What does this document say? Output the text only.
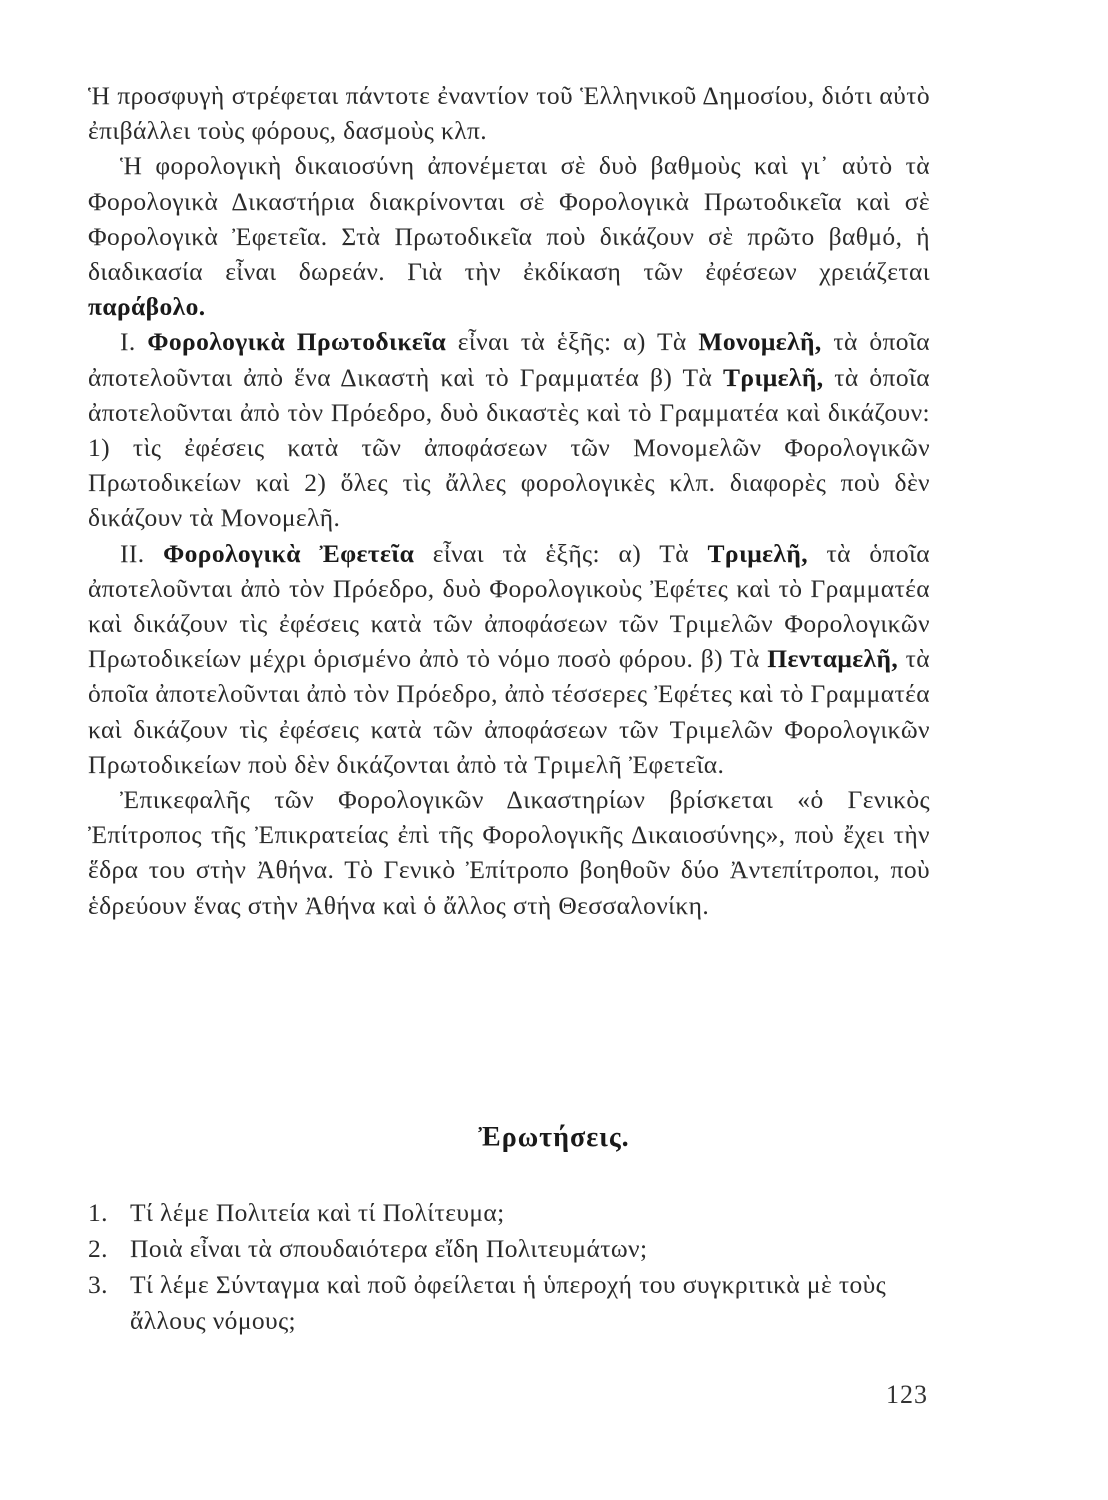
Ἡ προσφυγὴ στρέφεται πάντοτε ἐναντίον τοῦ Ἑλληνικοῦ Δημοσίου, διότι αὐτὸ ἐπιβάλλει τοὺς φόρους, δασμοὺς κλπ.

Ἡ φορολογικὴ δικαιοσύνη ἀπονέμεται σὲ δυὸ βαθμοὺς καὶ γι᾽ αὐτὸ τὰ Φορολογικὰ Δικαστήρια διακρίνονται σὲ Φορολογικὰ Πρωτοδικεῖα καὶ σὲ Φορολογικὰ Ἐφετεῖα. Στὰ Πρωτοδικεῖα ποὺ δικάζουν σὲ πρῶτο βαθμό, ἡ διαδικασία εἶναι δωρεάν. Γιὰ τὴν ἐκδίκαση τῶν ἐφέσεων χρειάζεται παράβολο.

Ι. Φορολογικὰ Πρωτοδικεῖα εἶναι τὰ ἑξῆς: α) Τὰ Μονομελῆ, τὰ ὁποῖα ἀποτελοῦνται ἀπὸ ἕνα Δικαστὴ καὶ τὸ Γραμματέα β) Τὰ Τριμελῆ, τὰ ὁποῖα ἀποτελοῦνται ἀπὸ τὸν Πρόεδρο, δυὸ δικαστὲς καὶ τὸ Γραμματέα καὶ δικάζουν: 1) τὶς ἐφέσεις κατὰ τῶν ἀποφάσεων τῶν Μονομελῶν Φορολογικῶν Πρωτοδικείων καὶ 2) ὅλες τὶς ἄλλες φορολογικὲς κλπ. διαφορὲς ποὺ δὲν δικάζουν τὰ Μονομελῆ.

ΙΙ. Φορολογικὰ Ἐφετεῖα εἶναι τὰ ἑξῆς: α) Τὰ Τριμελῆ, τὰ ὁποῖα ἀποτελοῦνται ἀπὸ τὸν Πρόεδρο, δυὸ Φορολογικοὺς Ἐφέτες καὶ τὸ Γραμματέα καὶ δικάζουν τὶς ἐφέσεις κατὰ τῶν ἀποφάσεων τῶν Τριμελῶν Φορολογικῶν Πρωτοδικείων μέχρι ὁρισμένο ἀπὸ τὸ νόμο ποσὸ φόρου. β) Τὰ Πενταμελῆ, τὰ ὁποῖα ἀποτελοῦνται ἀπὸ τὸν Πρόεδρο, ἀπὸ τέσσερες Ἐφέτες καὶ τὸ Γραμματέα καὶ δικάζουν τὶς ἐφέσεις κατὰ τῶν ἀποφάσεων τῶν Τριμελῶν Φορολογικῶν Πρωτοδικείων ποὺ δὲν δικάζονται ἀπὸ τὰ Τριμελῆ Ἐφετεῖα.

Ἐπικεφαλῆς τῶν Φορολογικῶν Δικαστηρίων βρίσκεται «ὁ Γενικὸς Ἐπίτροπος τῆς Ἐπικρατείας ἐπὶ τῆς Φορολογικῆς Δικαιοσύνης», ποὺ ἔχει τὴν ἕδρα του στὴν Ἀθήνα. Τὸ Γενικὸ Ἐπίτροπο βοηθοῦν δύο Ἀντεπίτροποι, ποὺ ἑδρεύουν ἕνας στὴν Ἀθήνα καὶ ὁ ἄλλος στὴ Θεσσαλονίκη.

Ἐρωτήσεις.
1. Τί λέμε Πολιτεία καὶ τί Πολίτευμα;
2. Ποιὰ εἶναι τὰ σπουδαιότερα εἴδη Πολιτευμάτων;
3. Τί λέμε Σύνταγμα καὶ ποῦ ὀφείλεται ἡ ὑπεροχή του συγκριτικὰ μὲ τοὺς ἄλλους νόμους;
123
